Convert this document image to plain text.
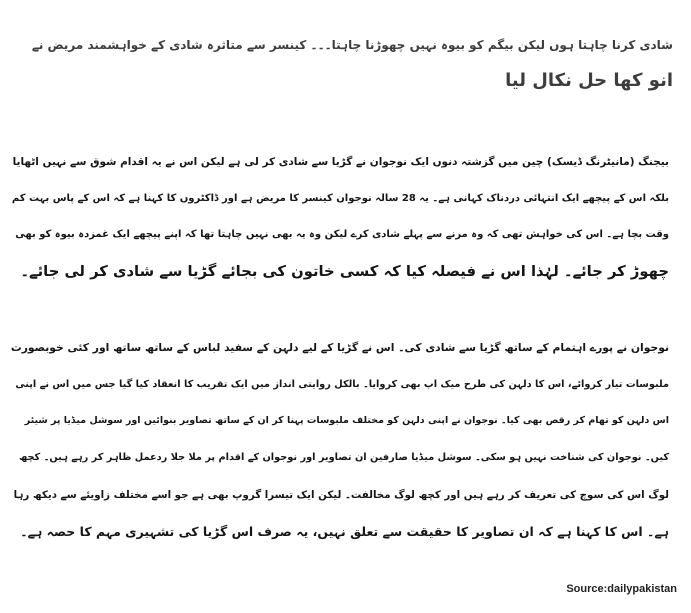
شادی کرنا چاہتا ہوں لیکن بیگم کو بیوہ نہیں چھوڑنا چاہتا۔۔۔ کینسر سے متاثرہ شادی کے خواہشمند مریض نے
انو کھا حل نکال لیا

بیجنگ (مانیٹرنگ ڈیسک) چین میں گزشتہ دنوں ایک نوجوان نے گڑیا سے شادی کر لی ہے لیکن اس نے یہ اقدام شوق سے نہیں اٹھایا

بلکہ اس کے پیچھے ایک انتہائی دردناک کہانی ہے۔ یہ 28 سالہ نوجوان کینسر کا مریض ہے اور ڈاکٹروں کا کہنا ہے کہ اس کے پاس بہت کم

وقت بچا ہے۔ اس کی خواہش تھی کہ وہ مرنے سے پہلے شادی کرے لیکن وہ یہ بھی نہیں چاہتا تھا کہ اپنے پیچھے ایک غمزدہ بیوہ کو بھی

چھوڑ کر جائے۔ لہٰذا اس نے فیصلہ کیا کہ کسی خاتون کی بجائے گڑیا سے شادی کر لی جائے۔

نوجوان نے پورے اہتمام کے ساتھ گڑیا سے شادی کی۔ اس نے گڑیا کے لیے دلہن کے سفید لباس کے ساتھ ساتھ اور کئی خوبصورت

ملبوسات تیار کروائے، اس کا دلہن کی طرح میک اپ بھی کروایا۔ بالکل روایتی انداز میں ایک تقریب کا انعقاد کیا گیا جس میں اس نے اپنی

اس دلہن کو تھام کر رقص بھی کیا۔ نوجوان نے اپنی دلہن کو مختلف ملبوسات پہنا کر ان کے ساتھ تصاویر بنوائیں اور سوشل میڈیا پر شیئر

کیں۔ نوجوان کی شناخت نہیں ہو سکی۔ سوشل میڈیا صارفین ان تصاویر اور نوجوان کے اقدام پر ملا جلا ردعمل ظاہر کر رہے ہیں۔ کچھ

لوگ اس کی سوچ کی تعریف کر رہے ہیں اور کچھ لوگ مخالفت۔ لیکن ایک تیسرا گروپ بھی ہے جو اسے مختلف زاویئے سے دیکھ رہا

ہے۔ اس کا کہنا ہے کہ ان تصاویر کا حقیقت سے تعلق نہیں، یہ صرف اس گڑیا کی تشہیری مہم کا حصہ ہے۔

Source:dailypakistan
